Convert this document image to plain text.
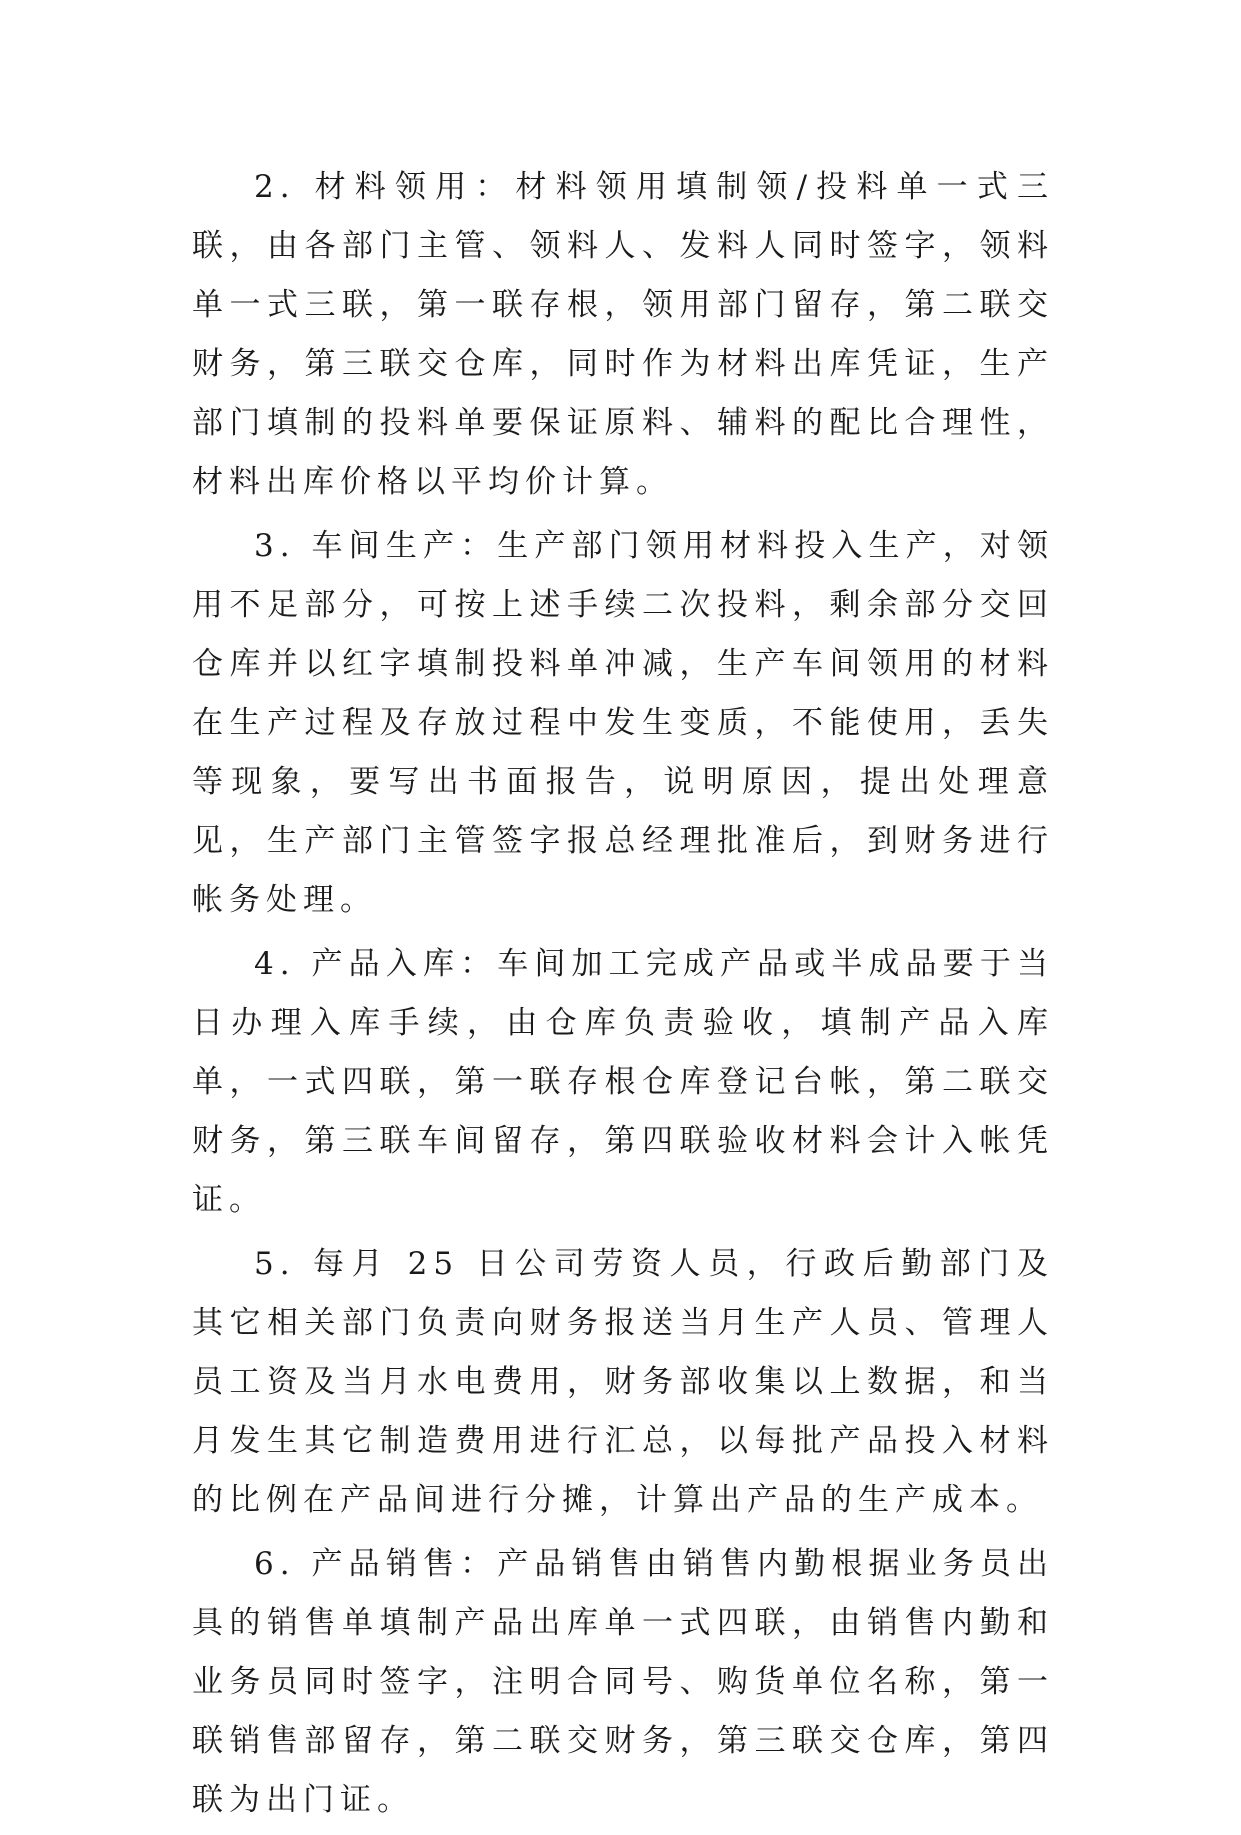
2. 材料领用：材料领用填制领/投料单一式三联，由各部门主管、领料人、发料人同时签字，领料单一式三联，第一联存根，领用部门留存，第二联交财务，第三联交仓库，同时作为材料出库凭证，生产部门填制的投料单要保证原料、辅料的配比合理性，材料出库价格以平均价计算。

3. 车间生产：生产部门领用材料投入生产，对领用不足部分，可按上述手续二次投料，剩余部分交回仓库并以红字填制投料单冲减，生产车间领用的材料在生产过程及存放过程中发生变质，不能使用，丢失等现象，要写出书面报告，说明原因，提出处理意见，生产部门主管签字报总经理批准后，到财务进行帐务处理。

4. 产品入库：车间加工完成产品或半成品要于当日办理入库手续，由仓库负责验收，填制产品入库单，一式四联，第一联存根仓库登记台帐，第二联交财务，第三联车间留存，第四联验收材料会计入帐凭证。

5. 每月 25 日公司劳资人员，行政后勤部门及其它相关部门负责向财务报送当月生产人员、管理人员工资及当月水电费用，财务部收集以上数据，和当月发生其它制造费用进行汇总，以每批产品投入材料的比例在产品间进行分摊，计算出产品的生产成本。

6. 产品销售：产品销售由销售内勤根据业务员出具的销售单填制产品出库单一式四联，由销售内勤和业务员同时签字，注明合同号、购货单位名称，第一联销售部留存，第二联交财务，第三联交仓库，第四联为出门证。
